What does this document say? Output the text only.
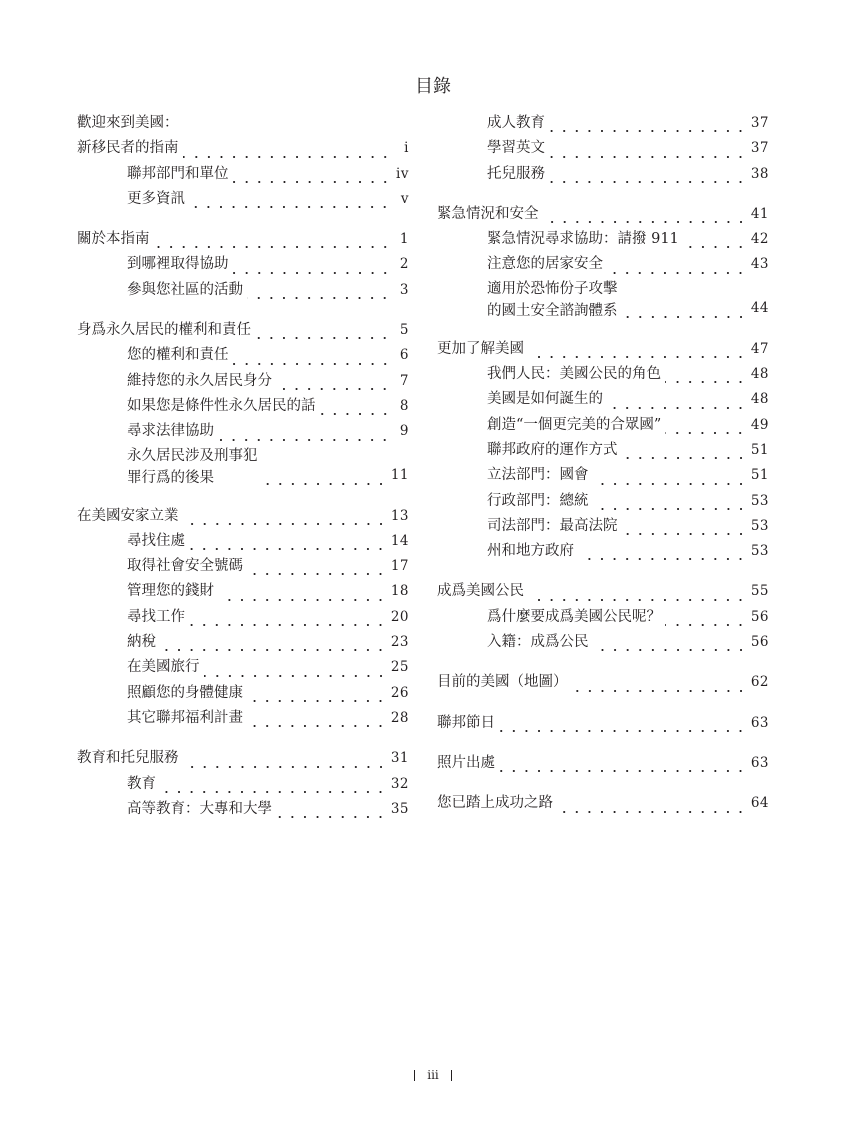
目錄
歡迎來到美國：
新移民者的指南	i
聯邦部門和單位	iv
更多資訊	v
關於本指南	1
到哪裡取得協助	2
參與您社區的活動	3
身爲永久居民的權利和責任	5
您的權利和責任	6
維持您的永久居民身分	7
如果您是條件性永久居民的話	8
尋求法律協助	9
永久居民涉及刑事犯
罪行爲的後果	11
在美國安家立業	13
尋找住處	14
取得社會安全號碼	17
管理您的錢財	18
尋找工作	20
納稅	23
在美國旅行	25
照顧您的身體健康	26
其它聯邦福利計畫	28
教育和托兒服務	31
教育	32
高等教育：大專和大學	35
成人教育	37
學習英文	37
托兒服務	38
緊急情況和安全	41
緊急情況尋求協助：請撥 911	42
注意您的居家安全	43
適用於恐怖份子攻擊
的國土安全諮詢體系	44
更加了解美國	47
我們人民：美國公民的角色	48
美國是如何誕生的	48
創造“一個更完美的合眾國”	49
聯邦政府的運作方式	51
立法部門：國會	51
行政部門：總統	53
司法部門：最高法院	53
州和地方政府	53
成爲美國公民	55
爲什麼要成爲美國公民呢？	56
入籍：成爲公民	56
目前的美國（地圖）	62
聯邦節日	63
照片出處	63
您已踏上成功之路	64
iii
